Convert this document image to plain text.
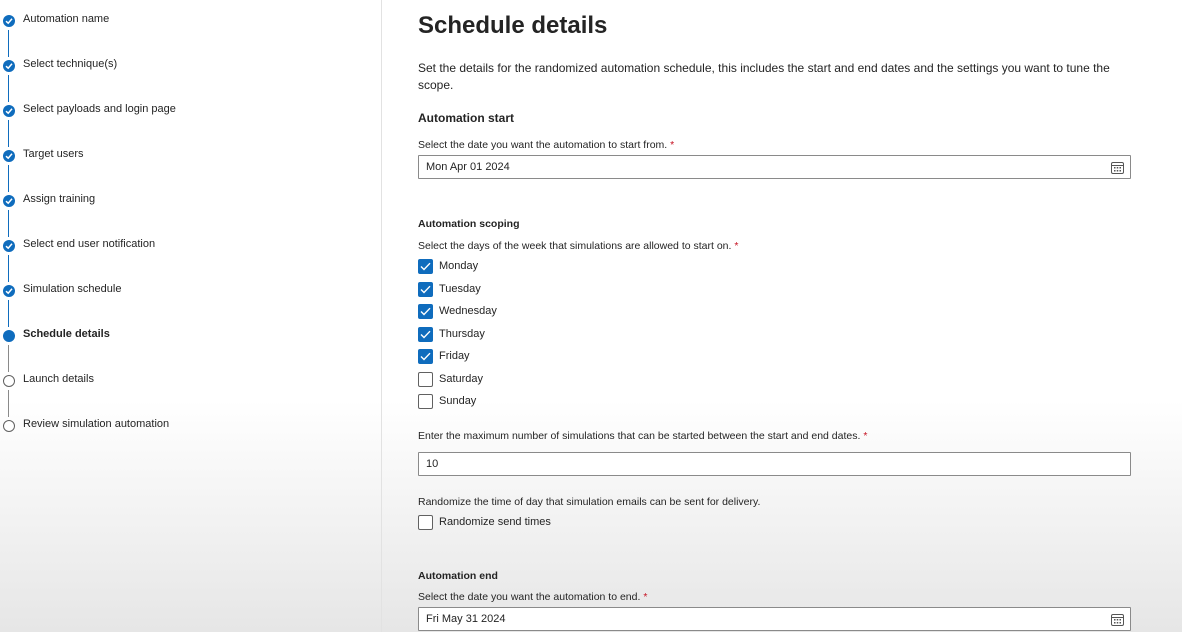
Automation name
Select technique(s)
Select payloads and login page
Target users
Assign training
Select end user notification
Simulation schedule
Schedule details
Launch details
Review simulation automation
Schedule details
Set the details for the randomized automation schedule, this includes the start and end dates and the settings you want to tune the scope.
Automation start
Select the date you want the automation to start from. *
Mon Apr 01 2024
Automation scoping
Select the days of the week that simulations are allowed to start on. *
Monday
Tuesday
Wednesday
Thursday
Friday
Saturday
Sunday
Enter the maximum number of simulations that can be started between the start and end dates. *
10
Randomize the time of day that simulation emails can be sent for delivery.
Randomize send times
Automation end
Select the date you want the automation to end. *
Fri May 31 2024
